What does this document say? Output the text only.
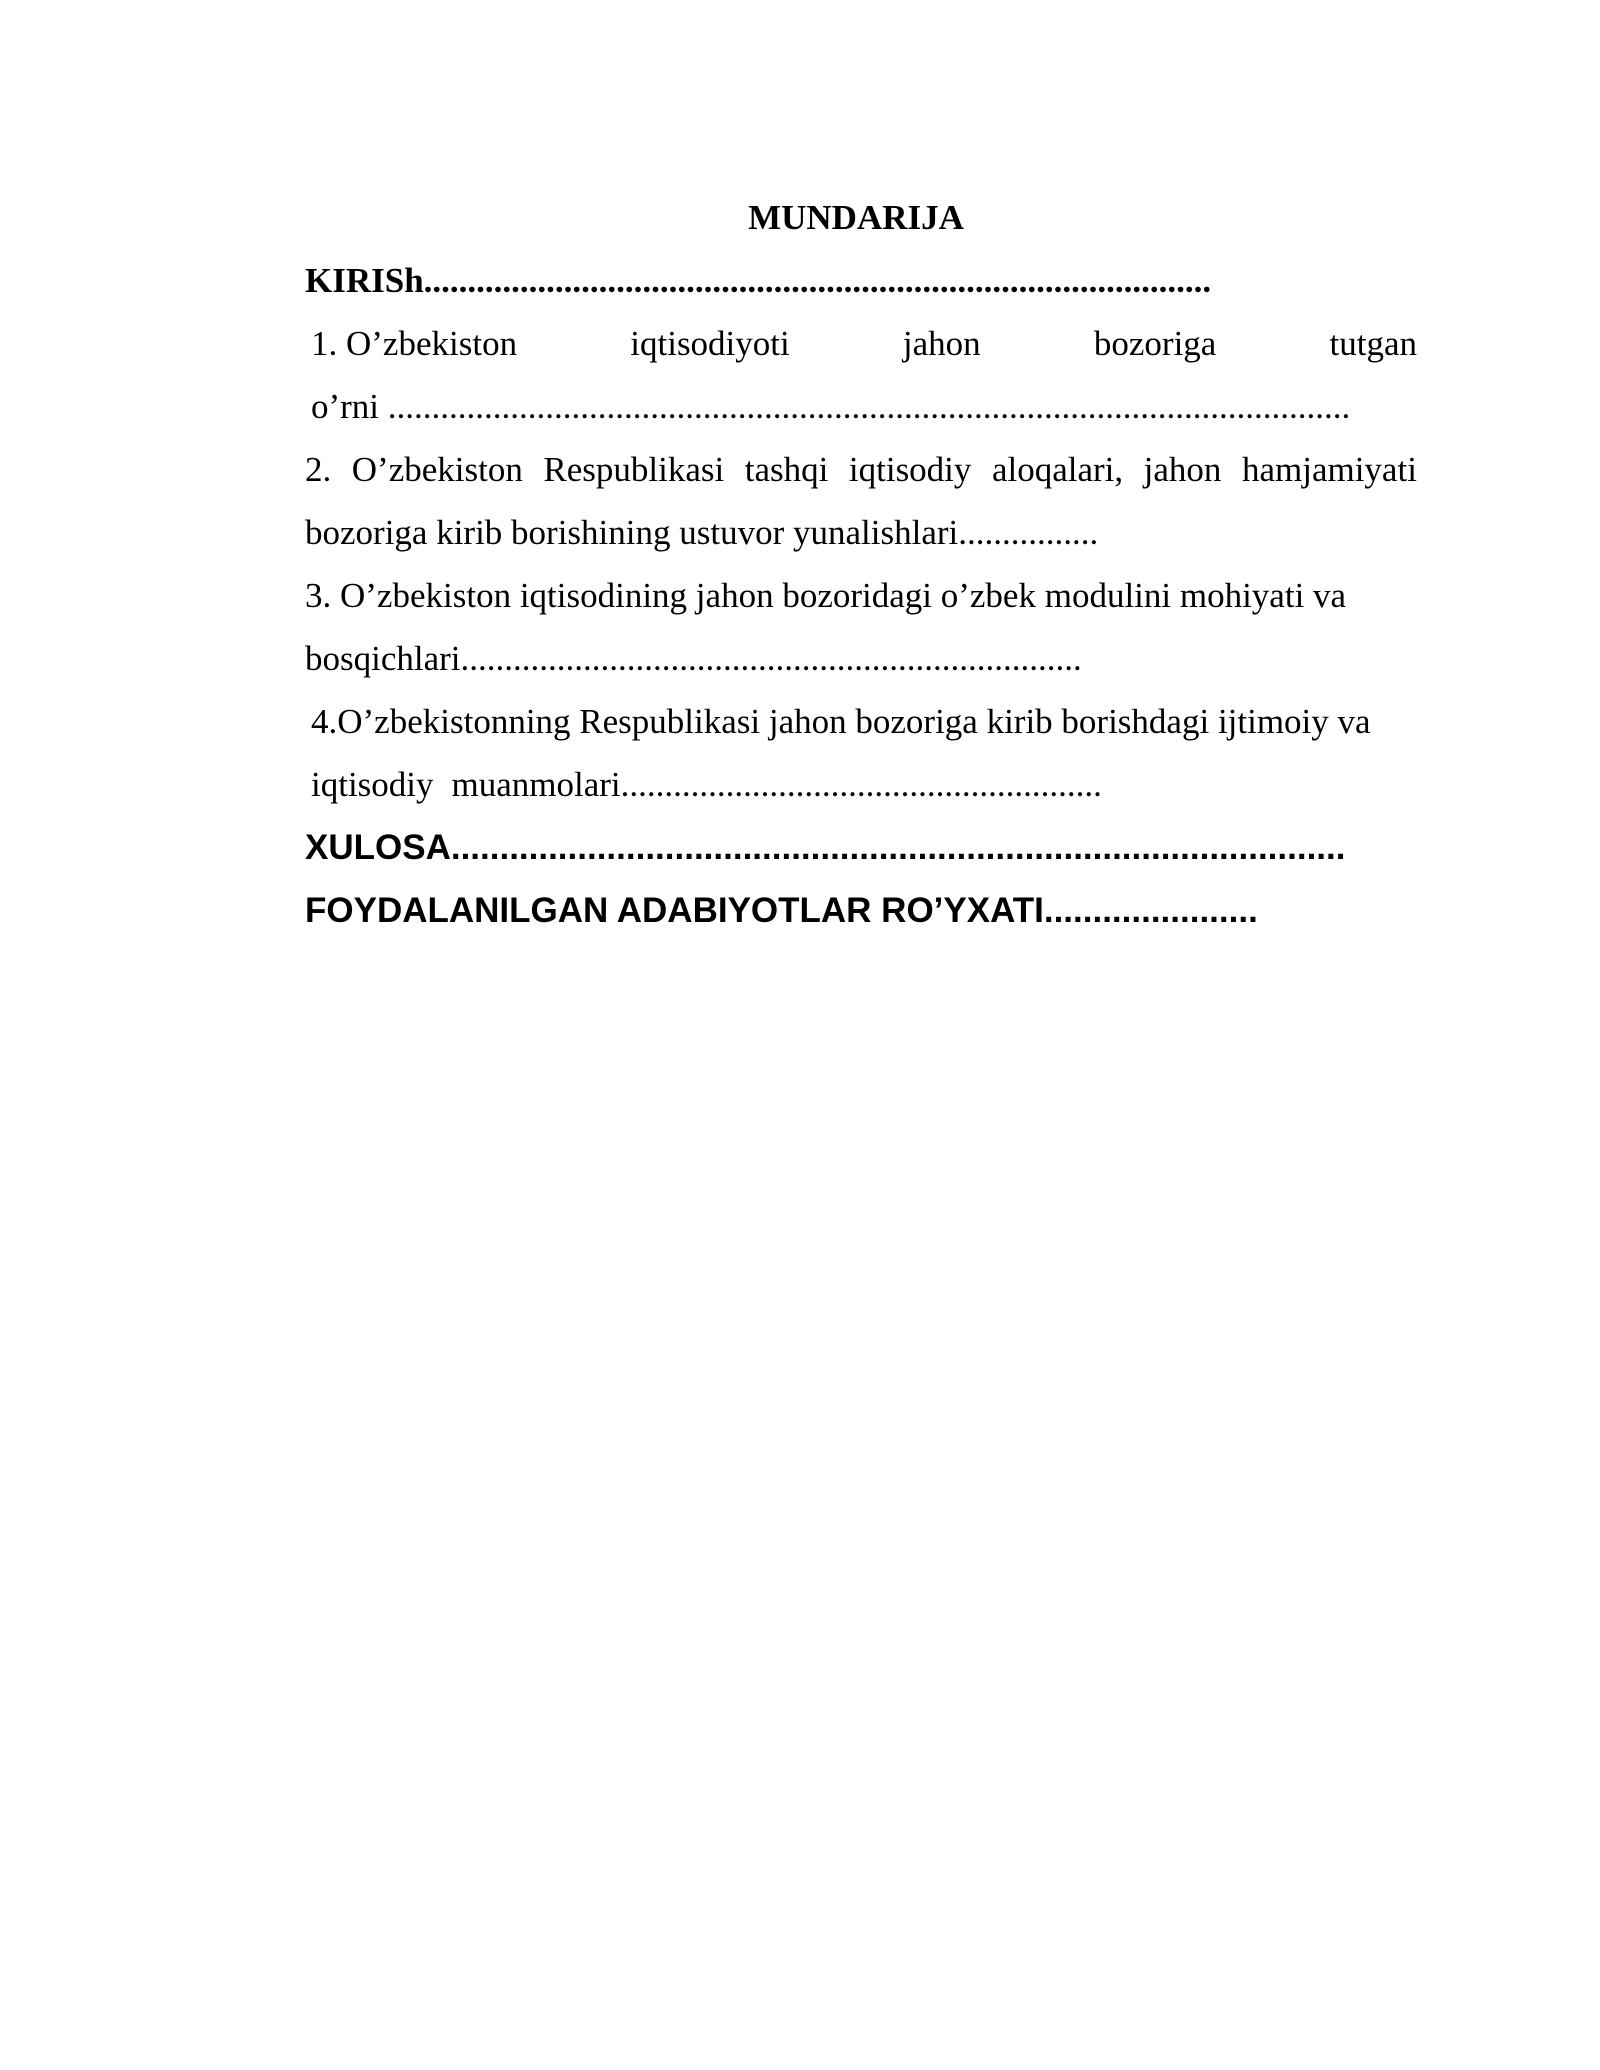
MUNDARIJA
KIRISh..........................................................................................
1. O’zbekiston	iqtisodiyoti	jahon	bozoriga	tutgan
o’rni ..............................................................................................................
2. O’zbekiston Respublikasi tashqi iqtisodiy aloqalari, jahon hamjamiyati
bozoriga kirib borishining ustuvor yunalishlari................
3. O’zbekiston iqtisodining jahon bozoridagi o’zbek modulini mohiyati va
bosqichlari.......................................................................
4.O’zbekistonning Respublikasi jahon bozoriga kirib borishdagi ijtimoiy va
iqtisodiy muanmolari.......................................................
XULOSA............................................................................................
FOYDALANILGAN ADABIYOTLAR RO’YXATI......................
